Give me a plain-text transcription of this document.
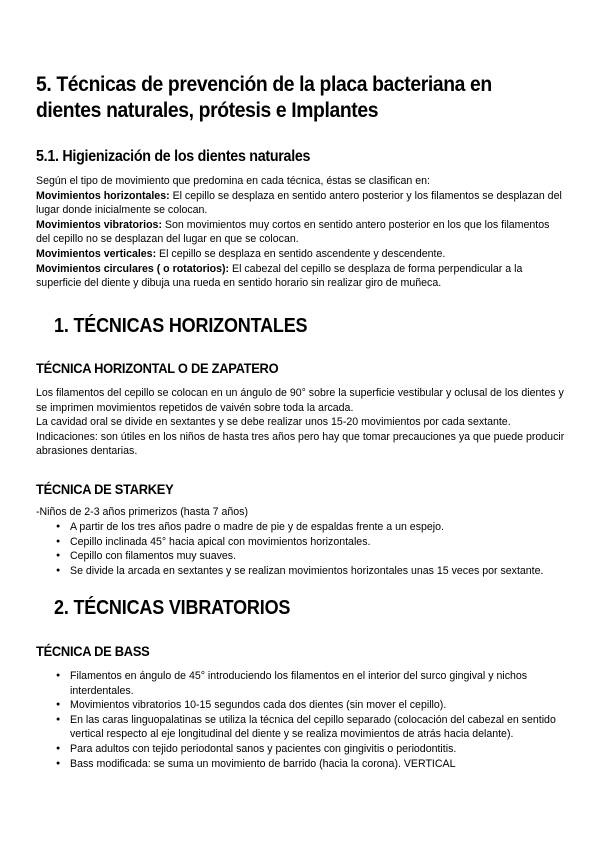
5. Técnicas de prevención de la placa bacteriana en dientes naturales, prótesis e Implantes
5.1. Higienización de los dientes naturales
Según el tipo de movimiento que predomina en cada técnica, éstas se clasifican en:
Movimientos horizontales: El cepillo se desplaza en sentido antero posterior y los filamentos se desplazan del lugar donde inicialmente se colocan.
Movimientos vibratorios: Son movimientos muy cortos en sentido antero posterior en los que los filamentos del cepillo no se desplazan del lugar en que se colocan.
Movimientos verticales: El cepillo se desplaza en sentido ascendente y descendente.
Movimientos circulares ( o rotatorios): El cabezal del cepillo se desplaza de forma perpendicular a la superficie del diente y dibuja una rueda en sentido horario sin realizar giro de muñeca.
1. TÉCNICAS HORIZONTALES
TÉCNICA HORIZONTAL O DE ZAPATERO
Los filamentos del cepillo se colocan en un ángulo de 90° sobre la superficie vestibular y oclusal de los dientes y se imprimen movimientos repetidos de vaivén sobre toda la arcada.
La cavidad oral se divide en sextantes y se debe realizar unos 15-20 movimientos por cada sextante.
Indicaciones: son útiles en los niños de hasta tres años pero hay que tomar precauciones ya que puede producir abrasiones dentarias.
TÉCNICA DE STARKEY
-Niños de 2-3 años primerizos (hasta 7 años)
● A partir de los tres años padre o madre de pie y de espaldas frente a un espejo.
● Cepillo inclinada 45° hacia apical con movimientos horizontales.
● Cepillo con filamentos muy suaves.
● Se divide la arcada en sextantes y se realizan movimientos horizontales unas 15 veces por sextante.
2. TÉCNICAS VIBRATORIOS
TÉCNICA DE BASS
● Filamentos en ángulo de 45° introduciendo los filamentos en el interior del surco gingival y nichos interdentales.
● Movimientos vibratorios 10-15 segundos cada dos dientes (sin mover el cepillo).
● En las caras linguopalatinas se utiliza la técnica del cepillo separado (colocación del cabezal en sentido vertical respecto al eje longitudinal del diente y se realiza movimientos de atrás hacia delante).
● Para adultos con tejido periodontal sanos y pacientes con gingivitis o periodontitis.
● Bass modificada: se suma un movimiento de barrido (hacia la corona). VERTICAL
